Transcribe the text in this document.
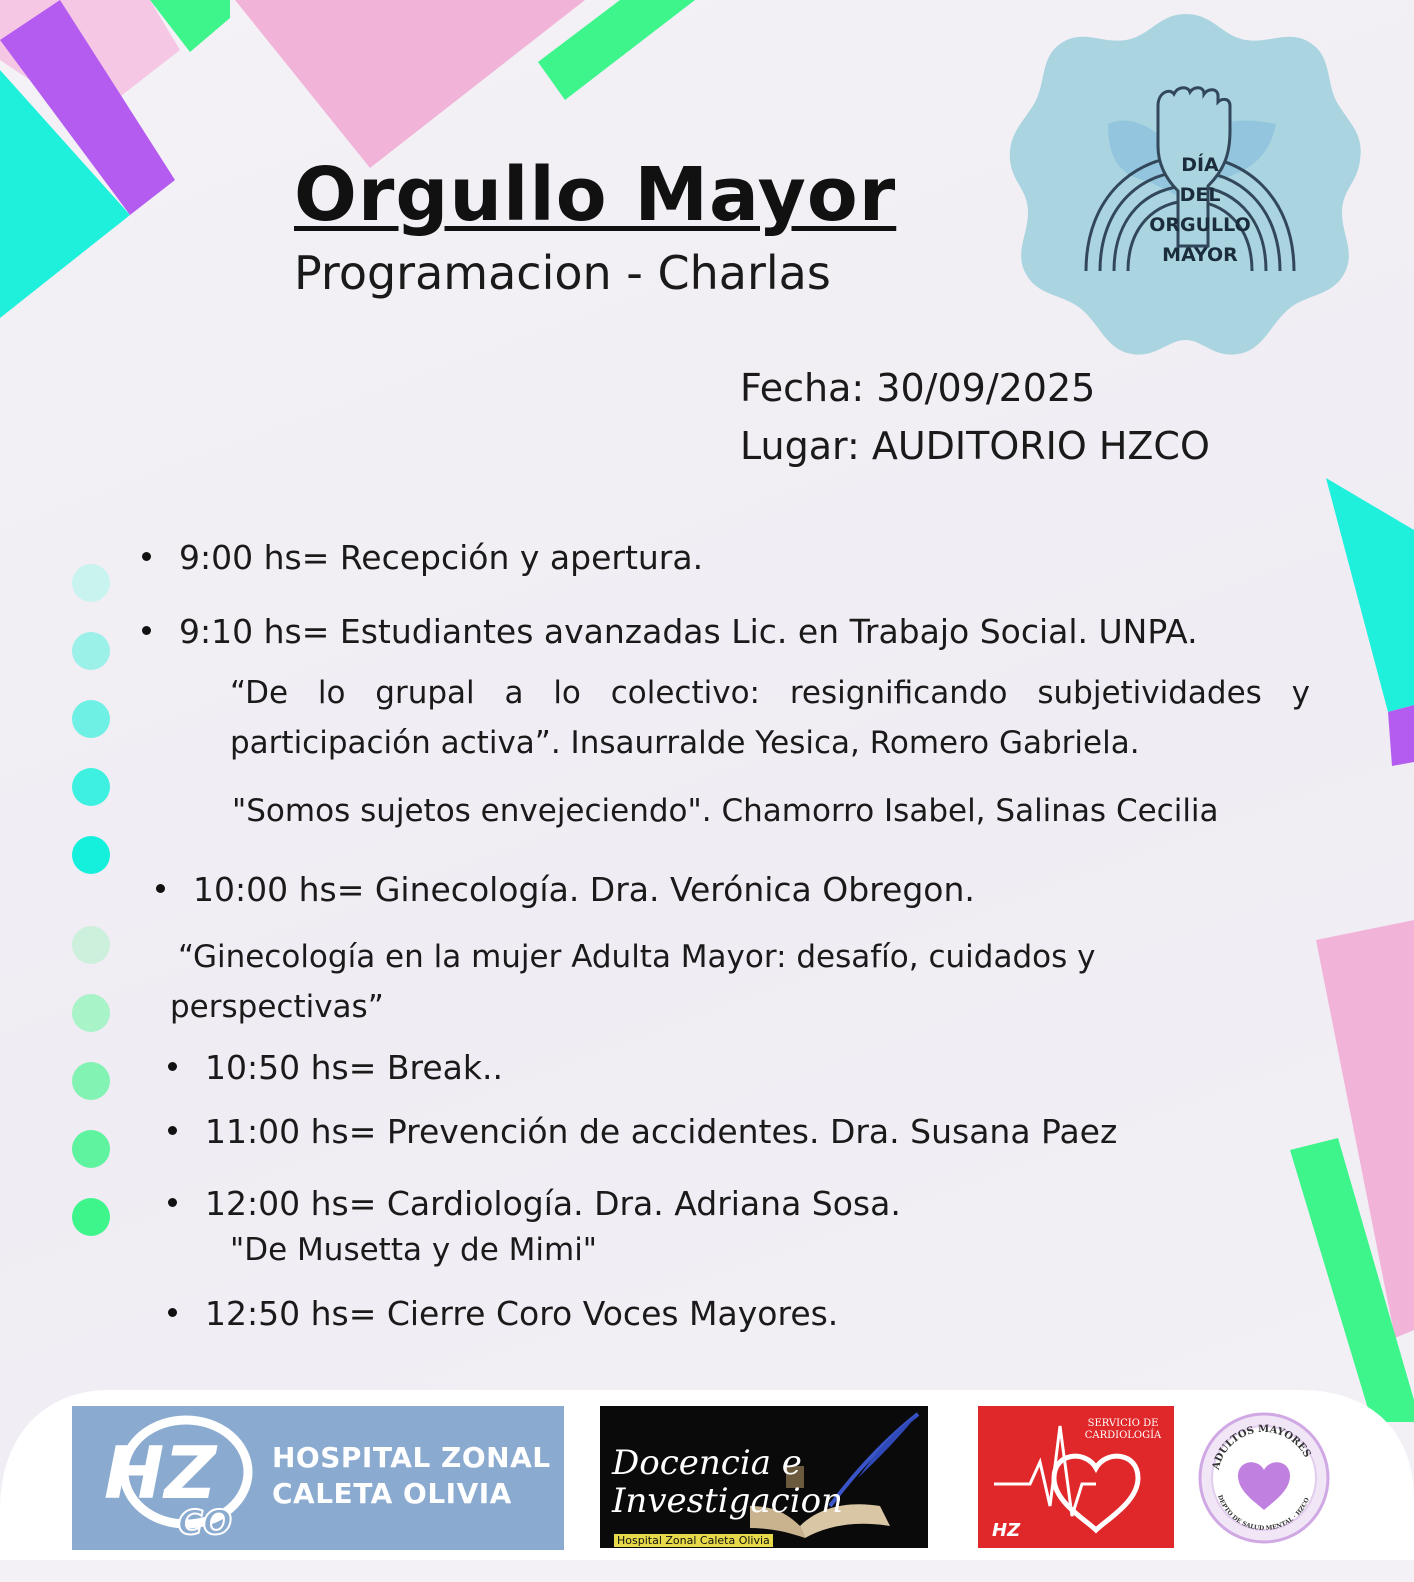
Orgullo Mayor
Programacion - Charlas
DÍA
DEL
ORGULLO
MAYOR
Fecha: 30/09/2025
Lugar: AUDITORIO HZCO
9:00 hs= Recepción y apertura.
9:10 hs= Estudiantes avanzadas Lic. en Trabajo Social. UNPA.
“De lo grupal a lo colectivo: resignificando subjetividades y participación activa”. Insaurralde Yesica, Romero Gabriela.
"Somos sujetos envejeciendo". Chamorro Isabel, Salinas Cecilia
10:00 hs= Ginecología. Dra. Verónica Obregon.
“Ginecología en la mujer Adulta Mayor: desafío, cuidados y perspectivas”
10:50 hs= Break..
11:00 hs= Prevención de accidentes. Dra. Susana Paez
12:00 hs= Cardiología. Dra. Adriana Sosa.
"De Musetta y de Mimi"
12:50 hs= Cierre Coro Voces Mayores.
HZ
CO
HOSPITAL ZONAL
CALETA OLIVIA
Docencia e
Investigacion
Hospital Zonal Caleta Olivia	HZ
SERVICIO DE
CARDIOLOGÍA
ADULTOS MAYORES
DEPTO DE SALUD MENTAL · HZCO
